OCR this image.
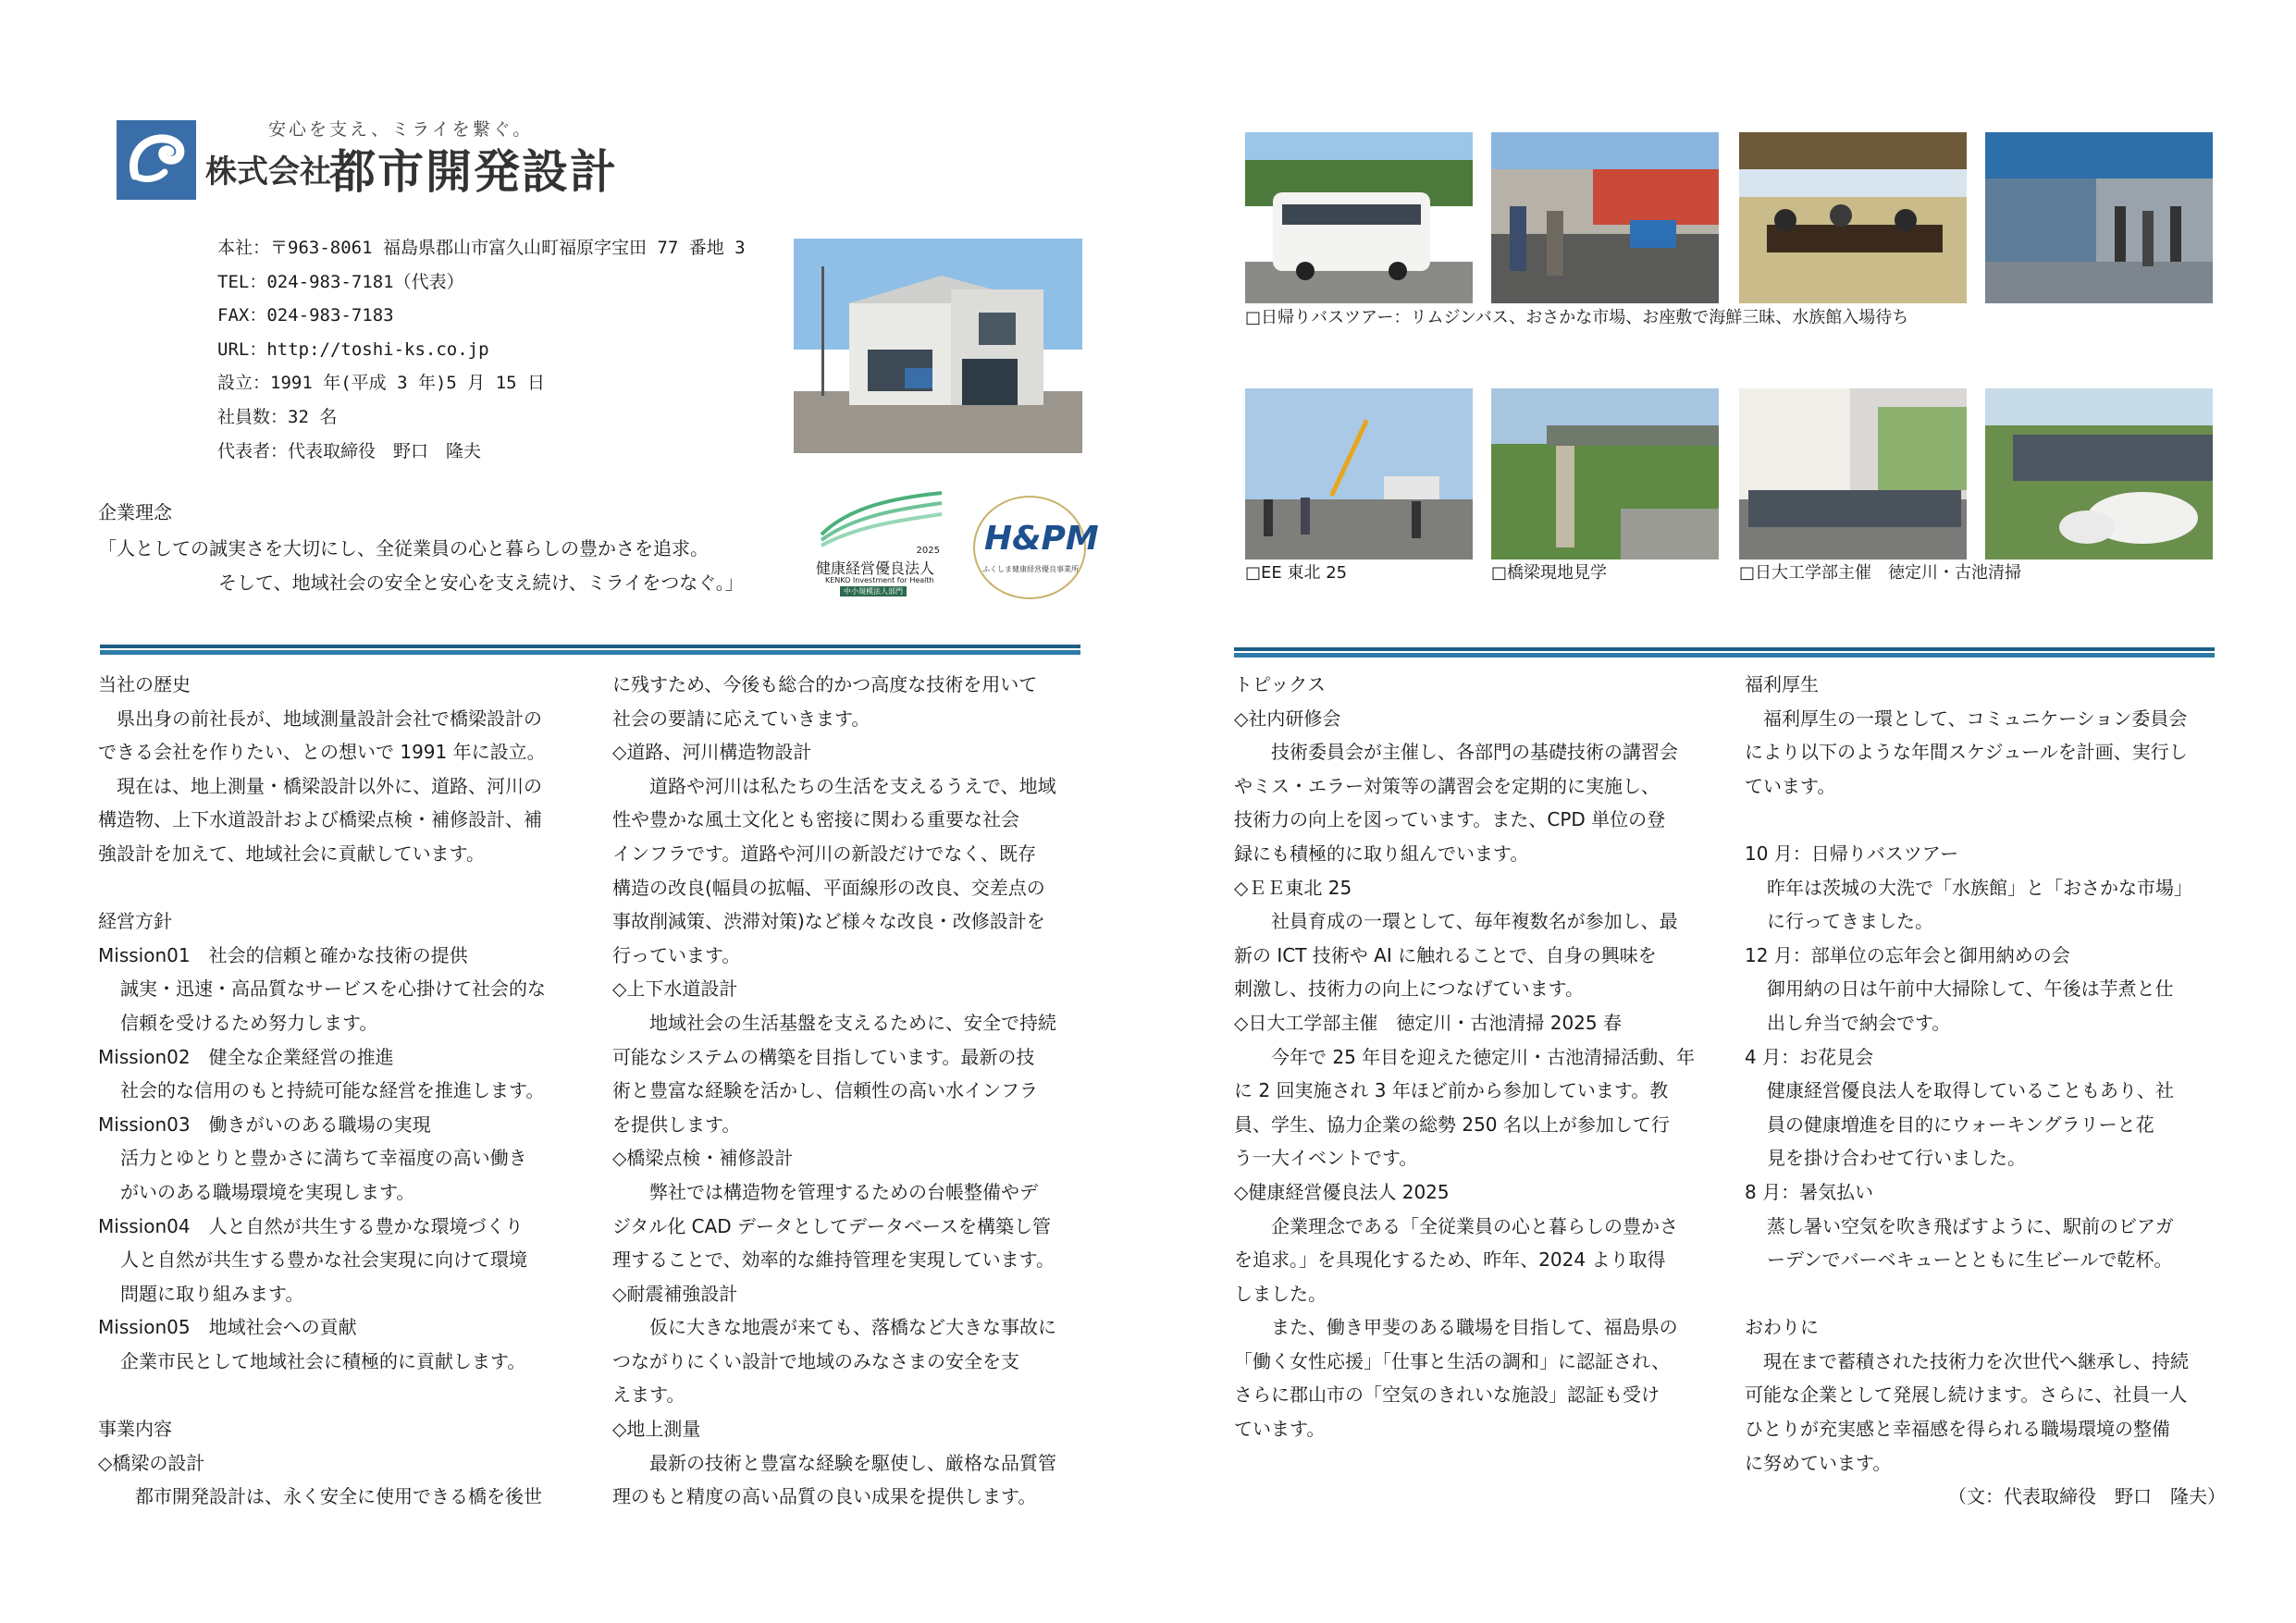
安心を支え、ミライを繋ぐ。
株式会社
都市開発設計
本社：〒963-8061 福島県郡山市富久山町福原字宝田 77 番地 3
TEL：024-983-7181（代表）
FAX：024-983-7183
URL：http://toshi-ks.co.jp
設立：1991 年(平成 3 年)5 月 15 日
社員数：32 名
代表者：代表取締役　野口　隆夫
企業理念
「人としての誠実さを大切にし、全従業員の心と暮らしの豊かさを追求。
そして、地域社会の安全と安心を支え続け、ミライをつなぐ。」
2025
健康経営優良法人
KENKO Investment for Health
中小規模法人部門
H&PM
ふくしま健康経営優良事業所
当社の歴史
　県出身の前社長が、地域測量設計会社で橋梁設計の
できる会社を作りたい、との想いで 1991 年に設立。
　現在は、地上測量・橋梁設計以外に、道路、河川の
構造物、上下水道設計および橋梁点検・補修設計、補
強設計を加えて、地域社会に貢献しています。

経営方針
Mission01　社会的信頼と確かな技術の提供
誠実・迅速・高品質なサービスを心掛けて社会的な
信頼を受けるため努力します。
Mission02　健全な企業経営の推進
社会的な信用のもと持続可能な経営を推進します。
Mission03　働きがいのある職場の実現
活力とゆとりと豊かさに満ちて幸福度の高い働き
がいのある職場環境を実現します。
Mission04　人と自然が共生する豊かな環境づくり
人と自然が共生する豊かな社会実現に向けて環境
問題に取り組みます。
Mission05　地域社会への貢献
企業市民として地域社会に積極的に貢献します。

事業内容
◇橋梁の設計
　　都市開発設計は、永く安全に使用できる橋を後世
に残すため、今後も総合的かつ高度な技術を用いて
社会の要請に応えていきます。
◇道路、河川構造物設計
　　道路や河川は私たちの生活を支えるうえで、地域
性や豊かな風土文化とも密接に関わる重要な社会
インフラです。道路や河川の新設だけでなく、既存
構造の改良(幅員の拡幅、平面線形の改良、交差点の
事故削減策、渋滞対策)など様々な改良・改修設計を
行っています。
◇上下水道設計
　　地域社会の生活基盤を支えるために、安全で持続
可能なシステムの構築を目指しています。最新の技
術と豊富な経験を活かし、信頼性の高い水インフラ
を提供します。
◇橋梁点検・補修設計
　　弊社では構造物を管理するための台帳整備やデ
ジタル化 CAD データとしてデータベースを構築し管
理することで、効率的な維持管理を実現しています。
◇耐震補強設計
　　仮に大きな地震が来ても、落橋など大きな事故に
つながりにくい設計で地域のみなさまの安全を支
えます。
◇地上測量
　　最新の技術と豊富な経験を駆使し、厳格な品質管
理のもと精度の高い品質の良い成果を提供します。
□日帰りバスツアー：リムジンバス、おさかな市場、お座敷で海鮮三昧、水族館入場待ち
□EE 東北 25	□橋梁現地見学	□日大工学部主催　徳定川・古池清掃
トピックス
◇社内研修会
　　技術委員会が主催し、各部門の基礎技術の講習会
やミス・エラー対策等の講習会を定期的に実施し、
技術力の向上を図っています。また、CPD 単位の登
録にも積極的に取り組んでいます。
◇ＥＥ東北 25
　　社員育成の一環として、毎年複数名が参加し、最
新の ICT 技術や AI に触れることで、自身の興味を
刺激し、技術力の向上につなげています。
◇日大工学部主催　徳定川・古池清掃 2025 春
　　今年で 25 年目を迎えた徳定川・古池清掃活動、年
に 2 回実施され 3 年ほど前から参加しています。教
員、学生、協力企業の総勢 250 名以上が参加して行
う一大イベントです。
◇健康経営優良法人 2025
　　企業理念である「全従業員の心と暮らしの豊かさ
を追求。」を具現化するため、昨年、2024 より取得
しました。
　　また、働き甲斐のある職場を目指して、福島県の
「働く女性応援」「仕事と生活の調和」に認証され、
さらに郡山市の「空気のきれいな施設」認証も受け
ています。
福利厚生
　福利厚生の一環として、コミュニケーション委員会
により以下のような年間スケジュールを計画、実行し
ています。

10 月：日帰りバスツアー
昨年は茨城の大洗で「水族館」と「おさかな市場」
に行ってきました。
12 月：部単位の忘年会と御用納めの会
御用納の日は午前中大掃除して、午後は芋煮と仕
出し弁当で納会です。
4 月：お花見会
健康経営優良法人を取得していることもあり、社
員の健康増進を目的にウォーキングラリーと花
見を掛け合わせて行いました。
8 月：暑気払い
蒸し暑い空気を吹き飛ばすように、駅前のビアガ
ーデンでバーベキューとともに生ビールで乾杯。

おわりに
　現在まで蓄積された技術力を次世代へ継承し、持続
可能な企業として発展し続けます。さらに、社員一人
ひとりが充実感と幸福感を得られる職場環境の整備
に努めています。
（文：代表取締役　野口　隆夫）
